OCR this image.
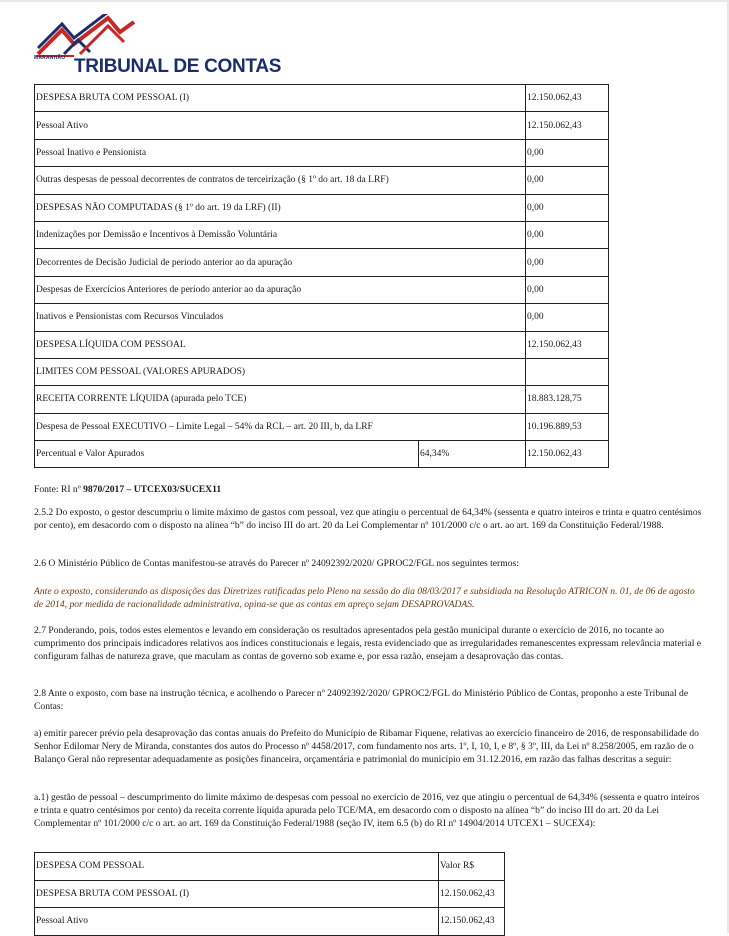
MARANHÃO TRIBUNAL DE CONTAS
DESPESA BRUTA COM PESSOAL (I)		12.150.062,43
Pessoal Ativo		12.150.062,43
Pessoal Inativo e Pensionista		0,00
Outras despesas de pessoal decorrentes de contratos de terceirização (§ 1º do art. 18 da LRF)		0,00
DESPESAS NÃO COMPUTADAS (§ 1º do art. 19 da LRF) (II)		0,00
Indenizações por Demissão e Incentivos à Demissão Voluntária		0,00
Decorrentes de Decisão Judicial de período anterior ao da apuração		0,00
Despesas de Exercícios Anteriores de período anterior ao da apuração		0,00
Inativos e Pensionistas com Recursos Vinculados		0,00
DESPESA LÍQUIDA COM PESSOAL		12.150.062,43
LIMITES COM PESSOAL (VALORES APURADOS)		
RECEITA CORRENTE LÍQUIDA (apurada pelo TCE)		18.883.128,75
Despesa de Pessoal EXECUTIVO – Limite Legal – 54% da RCL – art. 20 III, b, da LRF		10.196.889,53
Percentual e Valor Apurados	64,34%	12.150.062,43
Fonte: RI nº 9870/2017 – UTCEX03/SUCEX11
2.5.2 Do exposto, o gestor descumpriu o limite máximo de gastos com pessoal, vez que atingiu o percentual de 64,34% (sessenta e quatro inteiros e trinta e quatro centésimos por cento), em desacordo com o disposto na alínea “b” do inciso III do art. 20 da Lei Complementar nº 101/2000 c/c o art. ao art. 169 da Constituição Federal/1988.
2.6 O Ministério Público de Contas manifestou-se através do Parecer nº 24092392/2020/ GPROC2/FGL nos seguintes termos:
Ante o exposto, considerando as disposições das Diretrizes ratificadas pelo Pleno na sessão do dia 08/03/2017 e subsidiada na Resolução ATRICON n. 01, de 06 de agosto de 2014, por medida de racionalidade administrativa, opina-se que as contas em apreço sejam DESAPROVADAS.
2.7 Ponderando, pois, todos estes elementos e levando em consideração os resultados apresentados pela gestão municipal durante o exercício de 2016, no tocante ao cumprimento dos principais indicadores relativos aos índices constitucionais e legais, resta evidenciado que as irregularidades remanescentes expressam relevância material e configuram falhas de natureza grave, que maculam as contas de governo sob exame e, por essa razão, ensejam a desaprovação das contas.
2.8 Ante o exposto, com base na instrução técnica, e acolhendo o Parecer nº 24092392/2020/ GPROC2/FGL do Ministério Público de Contas, proponho a este Tribunal de Contas:
a) emitir parecer prévio pela desaprovação das contas anuais do Prefeito do Município de Ribamar Fiquene, relativas ao exercício financeiro de 2016, de responsabilidade do Senhor Edilomar Nery de Miranda, constantes dos autos do Processo nº 4458/2017, com fundamento nos arts. 1º, I, 10, I, e 8º, § 3º, III, da Lei nº 8.258/2005, em razão de o Balanço Geral não representar adequadamente as posições financeira, orçamentária e patrimonial do município em 31.12.2016, em razão das falhas descritas a seguir:
a.1) gestão de pessoal – descumprimento do limite máximo de despesas com pessoal no exercício de 2016, vez que atingiu o percentual de 64,34% (sessenta e quatro inteiros e trinta e quatro centésimos por cento) da receita corrente líquida apurada pelo TCE/MA, em desacordo com o disposto na alínea “b” do inciso III do art. 20 da Lei Complementar nº 101/2000 c/c o art. ao art. 169 da Constituição Federal/1988 (seção IV, item 6.5 (b) do RI nº 14904/2014 UTCEX1 – SUCEX4):
DESPESA COM PESSOAL	Valor R$
DESPESA BRUTA COM PESSOAL (I)	12.150.062,43
Pessoal Ativo	12.150.062,43
